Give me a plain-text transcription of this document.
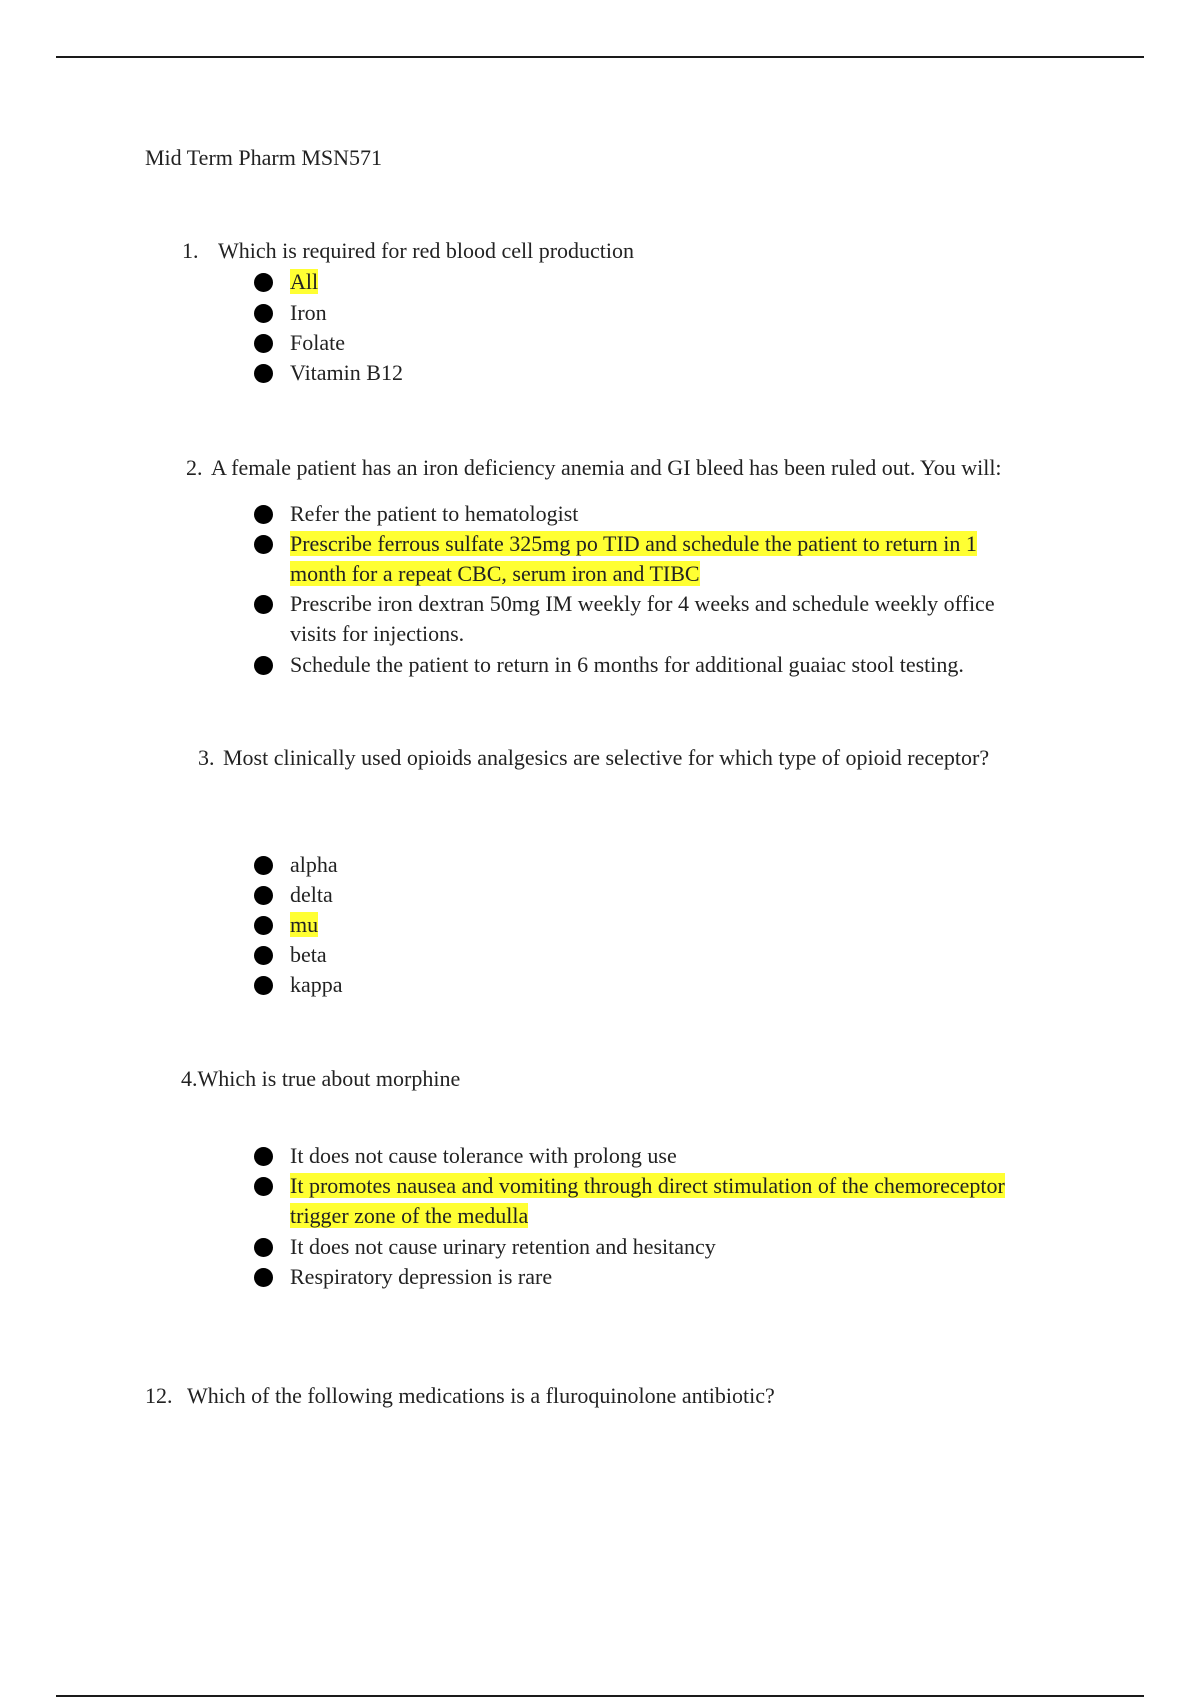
Mid Term Pharm MSN571
1. Which is required for red blood cell production
All
Iron
Folate
Vitamin B12
2. A female patient has an iron deficiency anemia and GI bleed has been ruled out. You will:
Refer the patient to hematologist
Prescribe ferrous sulfate 325mg po TID and schedule the patient to return in 1
month for a repeat CBC, serum iron and TIBC
Prescribe iron dextran 50mg IM weekly for 4 weeks and schedule weekly office
visits for injections.
Schedule the patient to return in 6 months for additional guaiac stool testing.
3. Most clinically used opioids analgesics are selective for which type of opioid receptor?
alpha
delta
mu
beta
kappa
4.Which is true about morphine
It does not cause tolerance with prolong use
It promotes nausea and vomiting through direct stimulation of the chemoreceptor
trigger zone of the medulla
It does not cause urinary retention and hesitancy
Respiratory depression is rare
12. Which of the following medications is a fluroquinolone antibiotic?
